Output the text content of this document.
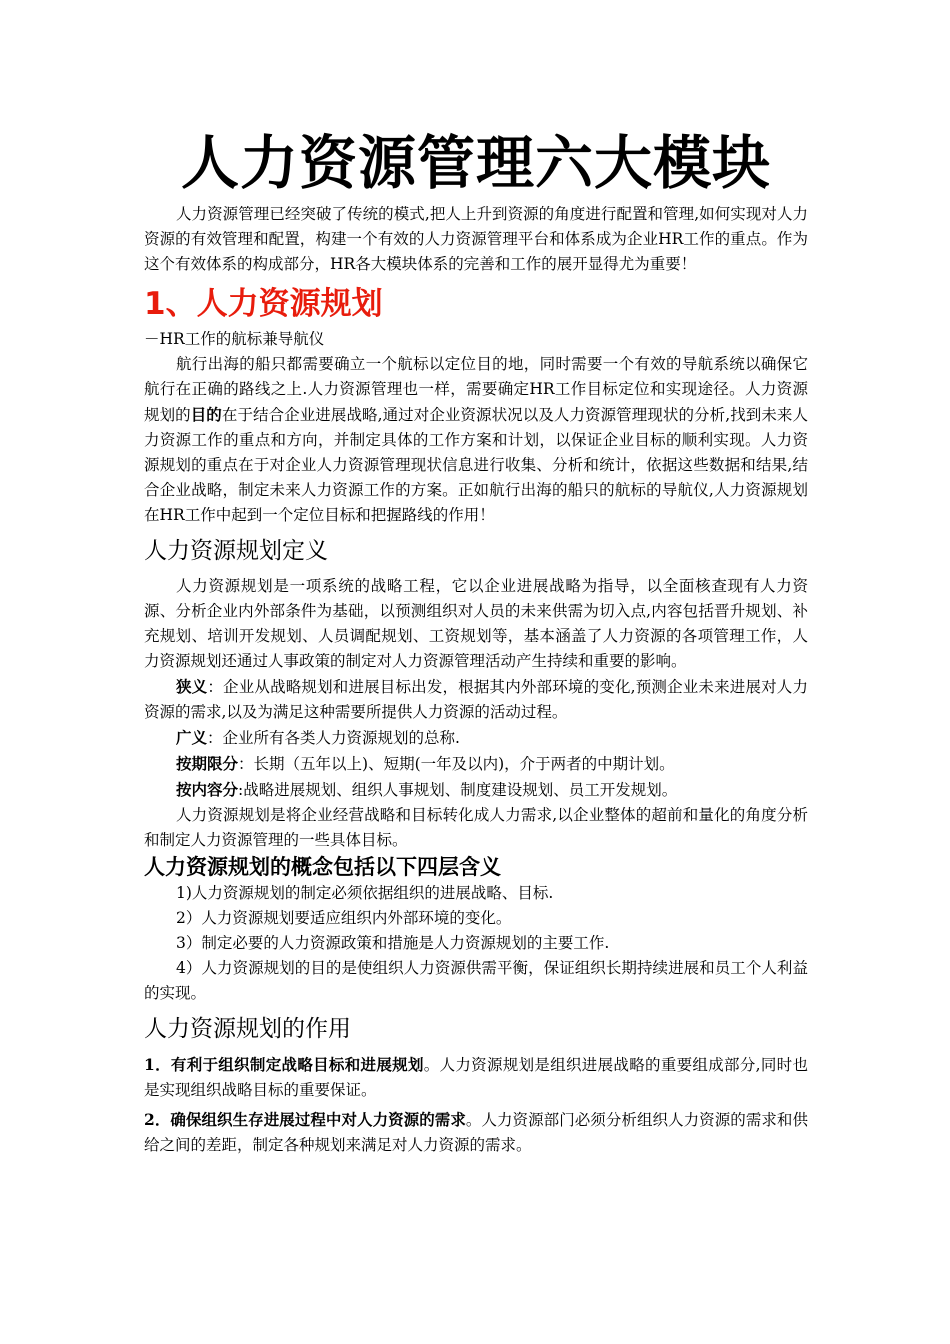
人力资源管理六大模块

人力资源管理已经突破了传统的模式,把人上升到资源的角度进行配置和管理,如何实现对人力资源的有效管理和配置，构建一个有效的人力资源管理平台和体系成为企业HR工作的重点。作为这个有效体系的构成部分，HR各大模块体系的完善和工作的展开显得尤为重要！

1、人力资源规划

－HR工作的航标兼导航仪

航行出海的船只都需要确立一个航标以定位目的地，同时需要一个有效的导航系统以确保它航行在正确的路线之上.人力资源管理也一样，需要确定HR工作目标定位和实现途径。人力资源规划的目的在于结合企业进展战略,通过对企业资源状况以及人力资源管理现状的分析,找到未来人力资源工作的重点和方向，并制定具体的工作方案和计划，以保证企业目标的顺利实现。人力资源规划的重点在于对企业人力资源管理现状信息进行收集、分析和统计，依据这些数据和结果,结合企业战略，制定未来人力资源工作的方案。正如航行出海的船只的航标的导航仪,人力资源规划在HR工作中起到一个定位目标和把握路线的作用！

人力资源规划定义

人力资源规划是一项系统的战略工程，它以企业进展战略为指导，以全面核查现有人力资源、分析企业内外部条件为基础，以预测组织对人员的未来供需为切入点,内容包括晋升规划、补充规划、培训开发规划、人员调配规划、工资规划等，基本涵盖了人力资源的各项管理工作，人力资源规划还通过人事政策的制定对人力资源管理活动产生持续和重要的影响。

狭义：企业从战略规划和进展目标出发，根据其内外部环境的变化,预测企业未来进展对人力资源的需求,以及为满足这种需要所提供人力资源的活动过程。

广义：企业所有各类人力资源规划的总称.

按期限分：长期（五年以上)、短期(一年及以内)，介于两者的中期计划。

按内容分:战略进展规划、组织人事规划、制度建设规划、员工开发规划。

人力资源规划是将企业经营战略和目标转化成人力需求,以企业整体的超前和量化的角度分析和制定人力资源管理的一些具体目标。

人力资源规划的概念包括以下四层含义

1)人力资源规划的制定必须依据组织的进展战略、目标.

2）人力资源规划要适应组织内外部环境的变化。

3）制定必要的人力资源政策和措施是人力资源规划的主要工作.

4）人力资源规划的目的是使组织人力资源供需平衡，保证组织长期持续进展和员工个人利益的实现。

人力资源规划的作用

1．有利于组织制定战略目标和进展规划。人力资源规划是组织进展战略的重要组成部分,同时也是实现组织战略目标的重要保证。

2．确保组织生存进展过程中对人力资源的需求。人力资源部门必须分析组织人力资源的需求和供给之间的差距，制定各种规划来满足对人力资源的需求。
